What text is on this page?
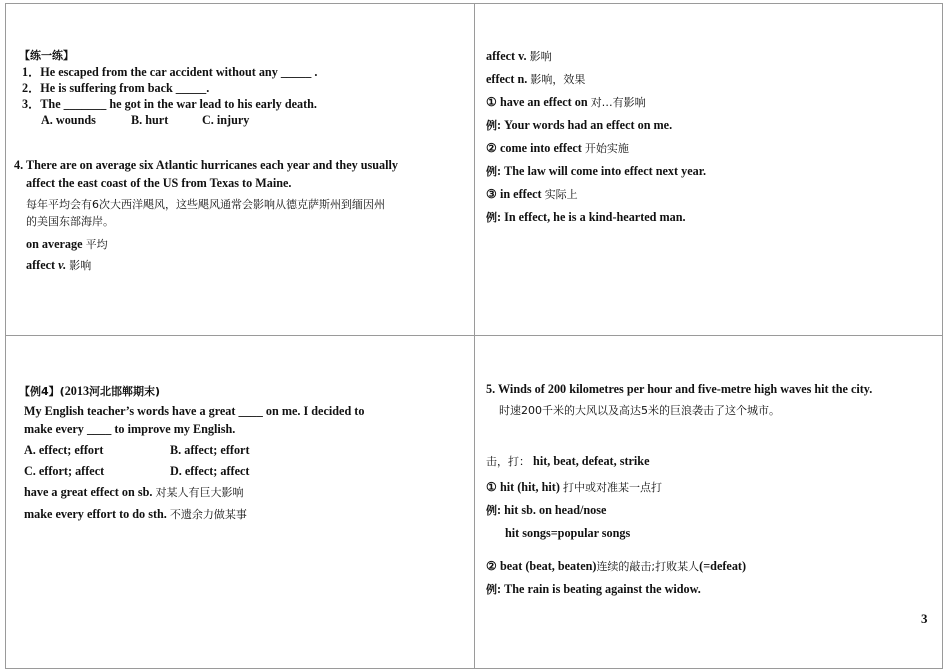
【练一练】
1．He escaped from the car accident without any _____ .
2．He is suffering from back _____.
3．The _______ he got in the war lead to his early death.
A. wounds	B. hurt	C. injury
4. There are on average six Atlantic hurricanes each year and they usually
affect the east coast of the US from Texas to Maine.
每年平均会有6次大西洋飓风，这些飓风通常会影响从德克萨斯州到缅因州
的美国东部海岸。
on average 平均
affect v. 影响
affect v. 影响
effect n. 影响，效果
① have an effect on 对…有影响
例: Your words had an effect on me.
② come into effect 开始实施
例: The law will come into effect next year.
③ in effect 实际上
例: In effect, he is a kind-hearted man.
【例4】(2013河北邯郸期末)
My English teacher’s words have a great ____ on me. I decided to
make every ____ to improve my English.
A. effect; effort	B. affect; effort
C. effort; affect	D. effect; affect
have a great effect on sb. 对某人有巨大影响
make every effort to do sth. 不遗余力做某事
5. Winds of 200 kilometres per hour and five-metre high waves hit the city.
时速200千米的大风以及高达5米的巨浪袭击了这个城市。
击，打： hit, beat, defeat, strike
① hit (hit, hit) 打中或对准某一点打
例: hit sb. on head/nose
hit songs=popular songs
② beat (beat, beaten)连续的敲击;打败某人(=defeat)
例: The rain is beating against the widow.
3
